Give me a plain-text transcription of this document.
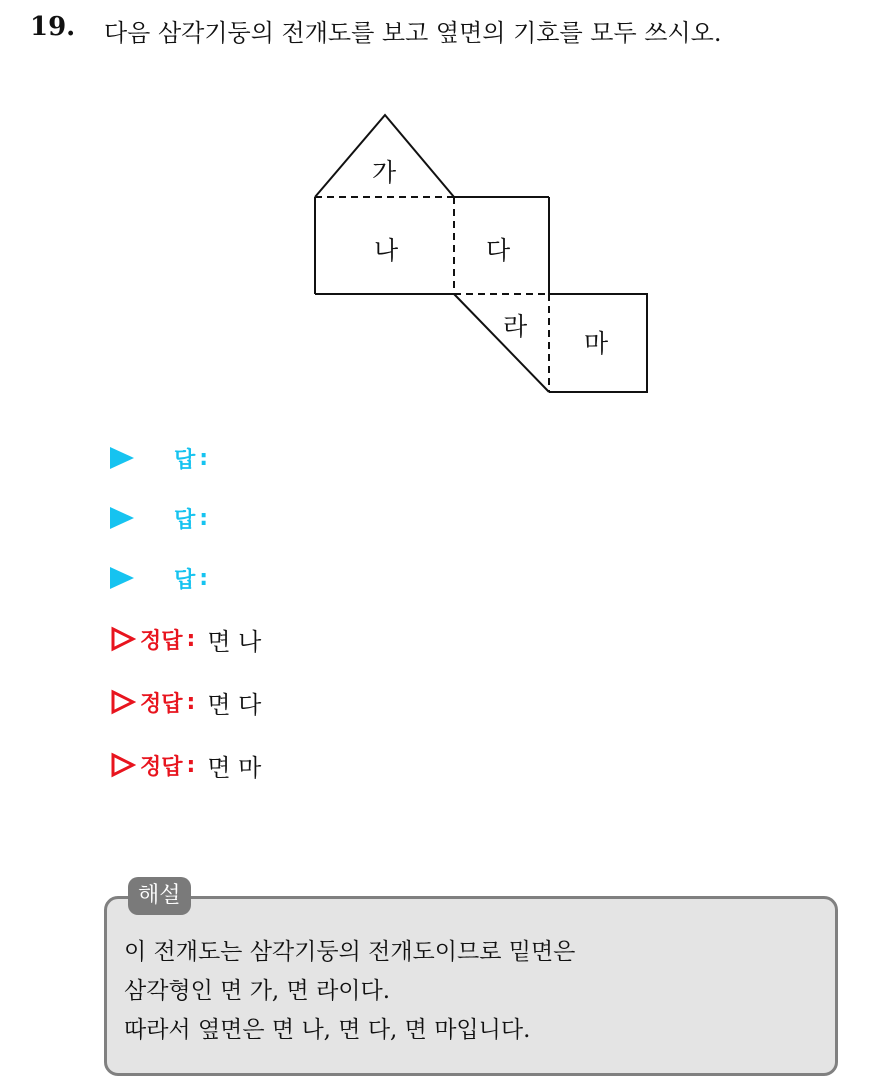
19. 다음 삼각기둥의 전개도를 보고 옆면의 기호를 모두 쓰시오.
가
나	다
라
마
답 :
답 :
답 :
정답 : 면 나
정답 : 면 다
정답 : 면 마
해설
이 전개도는 삼각기둥의 전개도이므로 밑면은
삼각형인 면 가, 면 라이다.
따라서 옆면은 면 나, 면 다, 면 마입니다.
